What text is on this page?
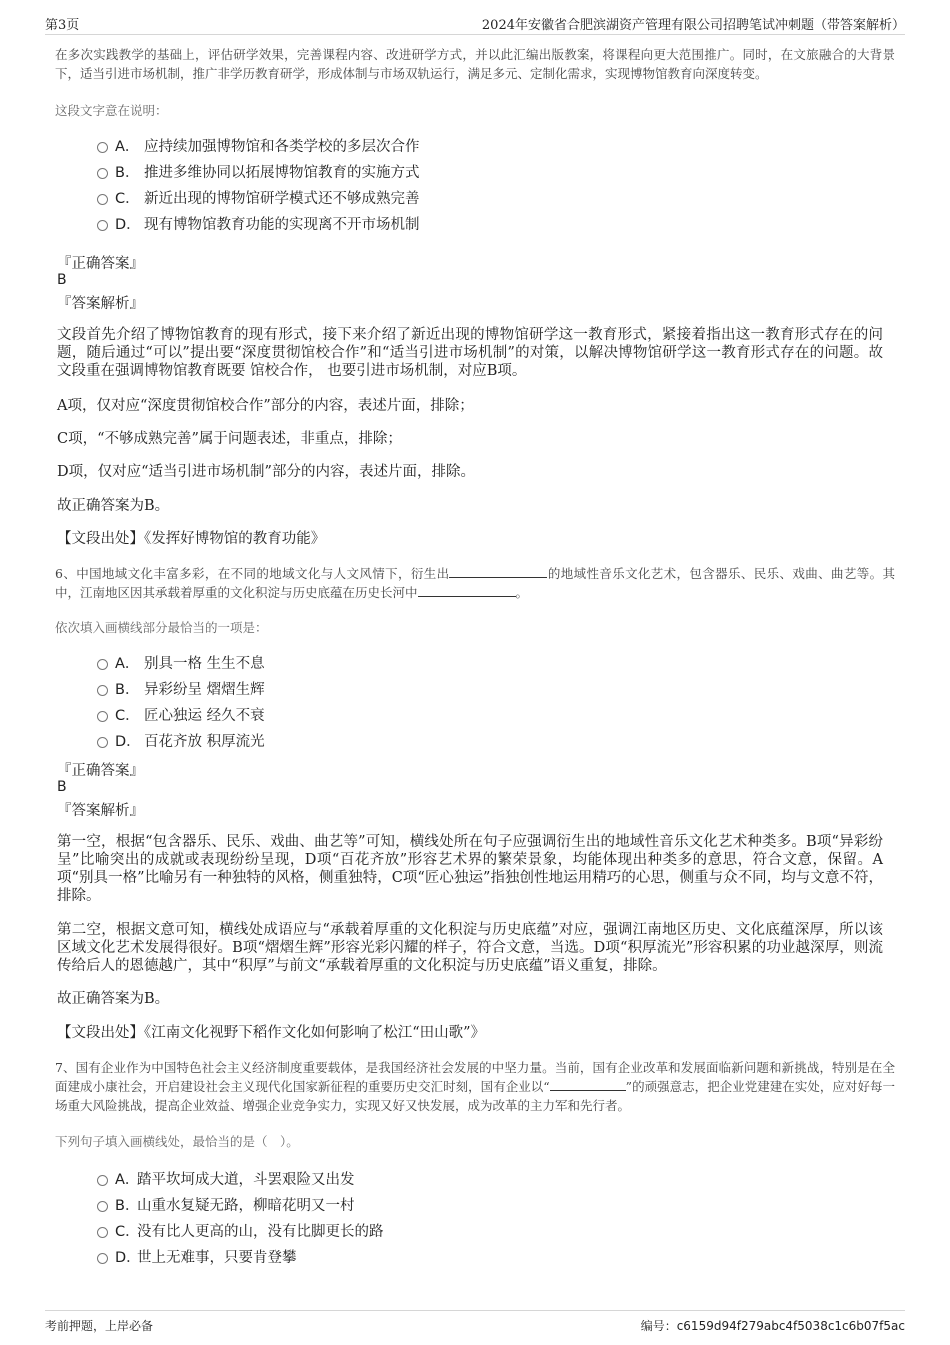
第3页	2024年安徽省合肥滨湖资产管理有限公司招聘笔试冲刺题（带答案解析）

在多次实践教学的基础上，评估研学效果，完善课程内容、改进研学方式，并以此汇编出版教案，将课程向更大范围推广。同时，在文旅融合的大背景下，适当引进市场机制，推广非学历教育研学，形成体制与市场双轨运行，满足多元、定制化需求，实现博物馆教育向深度转变。

这段文字意在说明：

A． 应持续加强博物馆和各类学校的多层次合作
B． 推进多维协同以拓展博物馆教育的实施方式
C． 新近出现的博物馆研学模式还不够成熟完善
D． 现有博物馆教育功能的实现离不开市场机制
『正确答案』
B
『答案解析』

文段首先介绍了博物馆教育的现有形式，接下来介绍了新近出现的博物馆研学这一教育形式，紧接着指出这一教育形式存在的问题，随后通过“可以”提出要“深度贯彻馆校合作”和“适当引进市场机制”的对策，以解决博物馆研学这一教育形式存在的问题。故文段重在强调博物馆教育既要 馆校合作， 也要引进市场机制，对应B项。

A项，仅对应“深度贯彻馆校合作”部分的内容，表述片面，排除；

C项，“不够成熟完善”属于问题表述，非重点，排除；

D项，仅对应“适当引进市场机制”部分的内容，表述片面，排除。

故正确答案为B。

【文段出处】《发挥好博物馆的教育功能》

6、中国地域文化丰富多彩，在不同的地域文化与人文风情下，衍生出	的地域性音乐文化艺术，包含器乐、民乐、戏曲、曲艺等。其中，江南地区因其承载着厚重的文化积淀与历史底蕴在历史长河中	。

依次填入画横线部分最恰当的一项是：

A． 别具一格 生生不息
B． 异彩纷呈 熠熠生辉
C． 匠心独运 经久不衰
D． 百花齐放 积厚流光
『正确答案』
B
『答案解析』

第一空，根据“包含器乐、民乐、戏曲、曲艺等”可知，横线处所在句子应强调衍生出的地域性音乐文化艺术种类多。B项“异彩纷呈”比喻突出的成就或表现纷纷呈现，D项“百花齐放”形容艺术界的繁荣景象，均能体现出种类多的意思，符合文意，保留。A项“别具一格”比喻另有一种独特的风格，侧重独特，C项“匠心独运”指独创性地运用精巧的心思，侧重与众不同，均与文意不符，排除。

第二空，根据文意可知，横线处成语应与“承载着厚重的文化积淀与历史底蕴”对应，强调江南地区历史、文化底蕴深厚，所以该区域文化艺术发展得很好。B项“熠熠生辉”形容光彩闪耀的样子，符合文意，当选。D项“积厚流光”形容积累的功业越深厚，则流传给后人的恩德越广，其中“积厚”与前文“承载着厚重的文化积淀与历史底蕴”语义重复，排除。

故正确答案为B。

【文段出处】《江南文化视野下稻作文化如何影响了松江“田山歌”》

7、国有企业作为中国特色社会主义经济制度重要载体，是我国经济社会发展的中坚力量。当前，国有企业改革和发展面临新问题和新挑战，特别是在全面建成小康社会，开启建设社会主义现代化国家新征程的重要历史交汇时刻，国有企业以“	”的顽强意志，把企业党建建在实处，应对好每一场重大风险挑战，提高企业效益、增强企业竞争实力，实现又好又快发展，成为改革的主力军和先行者。

下列句子填入画横线处，最恰当的是（　）。

A．
踏平坎坷成大道，斗罢艰险又出发
B．
山重水复疑无路，柳暗花明又一村
C．
没有比人更高的山，没有比脚更长的路
D．
世上无难事，只要肯登攀
考前押题，上岸必备	编号：c6159d94f279abc4f5038c1c6b07f5ac
